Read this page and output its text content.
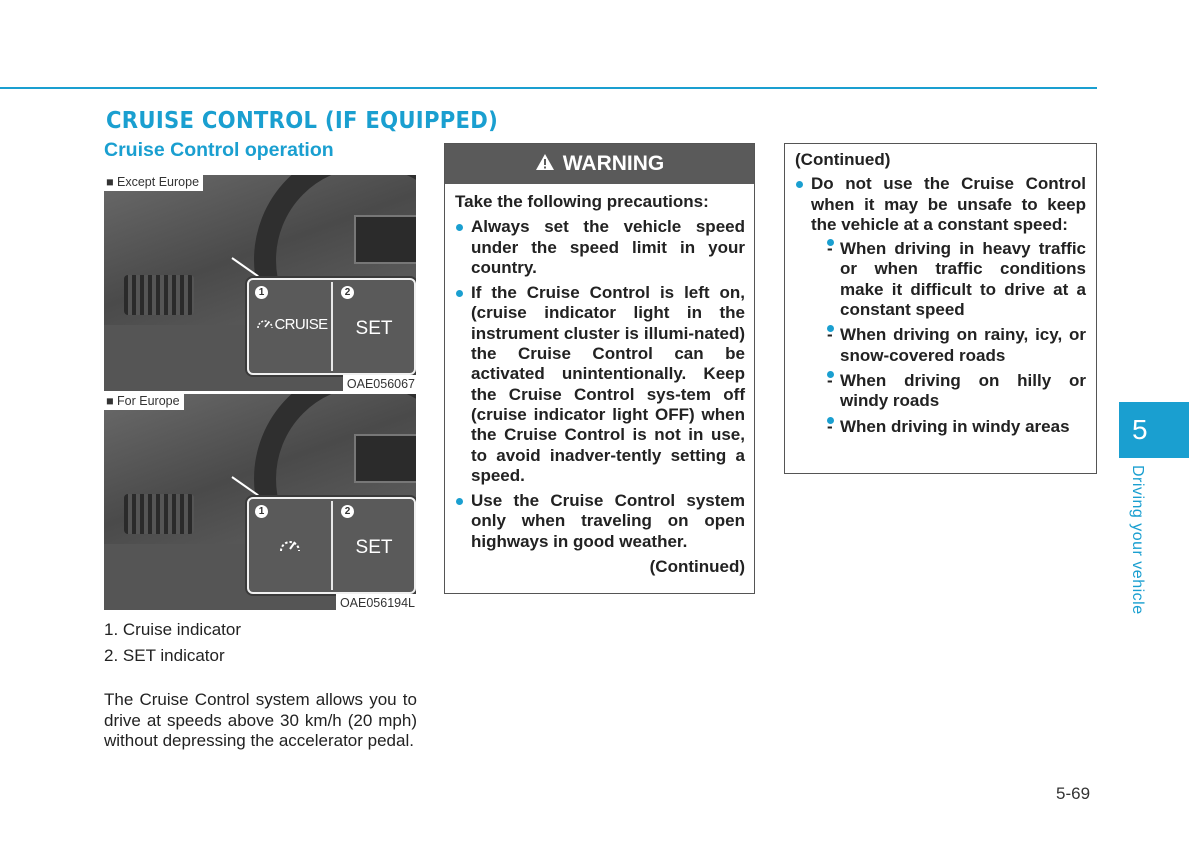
CRUISE CONTROL (IF EQUIPPED)
Cruise Control operation
1	2
CRUISE	SET
■ Except Europe
OAE056067
1	2
SET
■ For Europe
OAE056194L

1. Cruise indicator

2. SET indicator

The Cruise Control system allows you to drive at speeds above 30 km/h (20 mph) without depressing the accelerator pedal.

WARNING

Take the following precautions:

Always set the vehicle speed under the speed limit in your country.
If the Cruise Control is left on, (cruise indicator light in the instrument cluster is illumi-nated) the Cruise Control can be activated unintentionally. Keep the Cruise Control sys-tem off (cruise indicator light OFF) when the Cruise Control is not in use, to avoid inadver-tently setting a speed.
Use the Cruise Control system only when traveling on open highways in good weather.

(Continued)

(Continued)

Do not use the Cruise Control when it may be unsafe to keep the vehicle at a constant speed:
- When driving in heavy traffic or when traffic conditions make it difficult to drive at a constant speed
- When driving on rainy, icy, or snow-covered roads
- When driving on hilly or windy roads
- When driving in windy areas	5
Driving your vehicle
5-69
